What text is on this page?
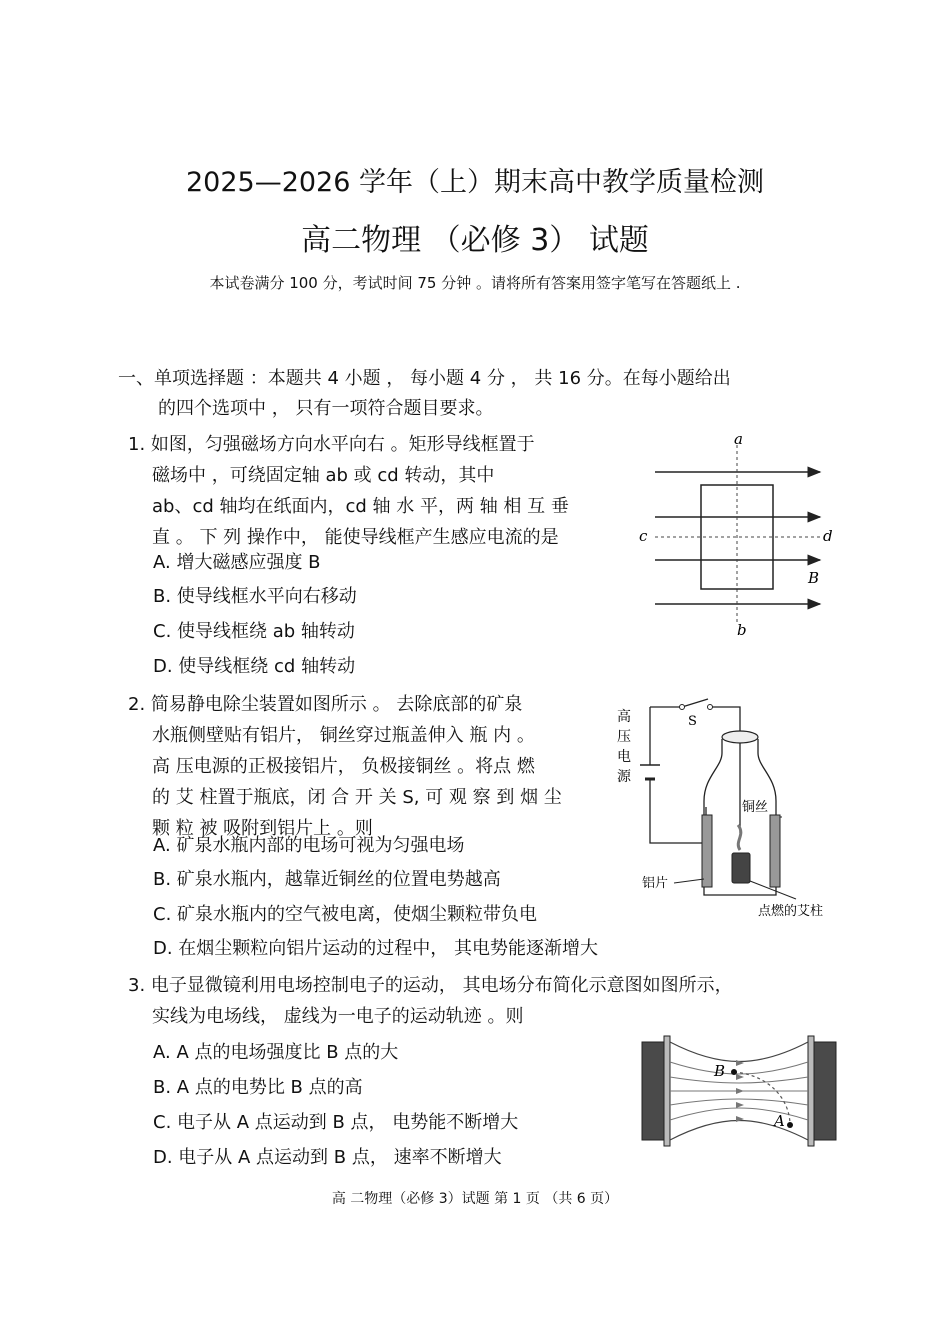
2025—2026 学年（上）期末高中教学质量检测
高二物理 （必修 3） 试题
本试卷满分 100 分，考试时间 75 分钟 。请将所有答案用签字笔写在答题纸上 .
一、单项选择题 ：本题共 4 小题 ， 每小题 4 分 ， 共 16 分。在每小题给出
的四个选项中 ， 只有一项符合题目要求。
1. 如图，匀强磁场方向水平向右 。矩形导线框置于
磁场中 ，可绕固定轴 ab 或 cd 转动，其中
ab、cd 轴均在纸面内，cd 轴 水 平，两 轴 相 互 垂
直 。 下 列 操作中， 能使导线框产生感应电流的是
A. 增大磁感应强度 B
B. 使导线框水平向右移动
C. 使导线框绕 ab 轴转动
D. 使导线框绕 cd 轴转动
a
b
c	d
B
2. 简易静电除尘装置如图所示 。 去除底部的矿泉
水瓶侧壁贴有铝片， 铜丝穿过瓶盖伸入 瓶 内 。
高 压电源的正极接铝片， 负极接铜丝 。将点 燃
的 艾 柱置于瓶底，闭 合 开 关 S, 可 观 察 到 烟 尘
颗 粒 被 吸附到铝片上 。则
A. 矿泉水瓶内部的电场可视为匀强电场
B. 矿泉水瓶内，越靠近铜丝的位置电势越高
C. 矿泉水瓶内的空气被电离，使烟尘颗粒带负电
D. 在烟尘颗粒向铝片运动的过程中， 其电势能逐渐增大
高
压
电
源
S
铜丝
铝片
点燃的艾柱
3. 电子显微镜利用电场控制电子的运动， 其电场分布简化示意图如图所示，
实线为电场线， 虚线为一电子的运动轨迹 。则
A. A 点的电场强度比 B 点的大
B. A 点的电势比 B 点的高
C. 电子从 A 点运动到 B 点， 电势能不断增大
D. 电子从 A 点运动到 B 点， 速率不断增大
B
A
高 二物理（必修 3）试题 第 1 页 （共 6 页）
